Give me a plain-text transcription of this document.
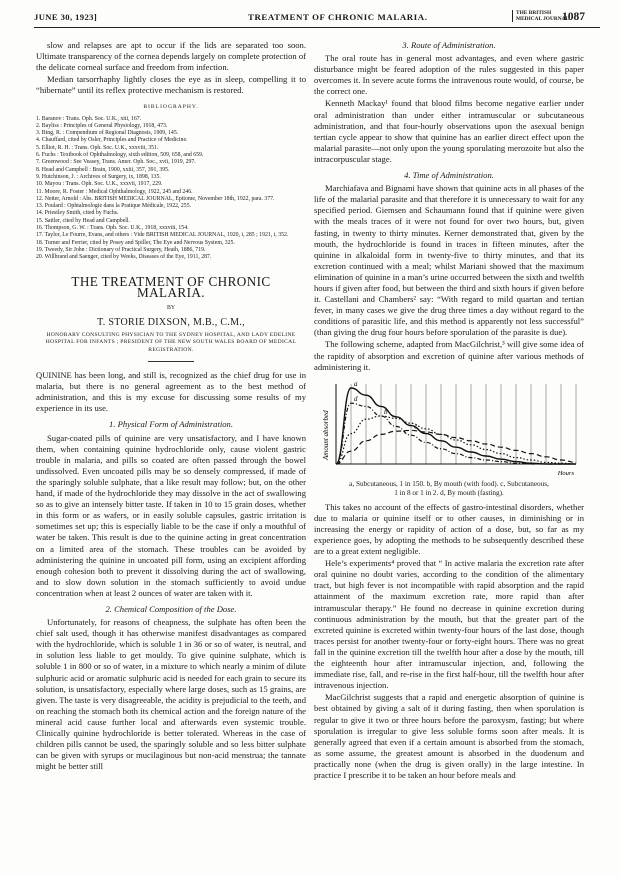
JUNE 30, 1923]	TREATMENT OF CHRONIC MALARIA.	THE BRITISH
MEDICAL JOURNAL
1087

slow and relapses are apt to occur if the lids are separated too soon. Ultimate transparency of the cornea depends largely on complete protection of the delicate corneal surface and freedom from infection.

Median tarsorrhaphy lightly closes the eye as in sleep, compelling it to “hibernate” until its reflex protective mechanism is restored.

BIBLIOGRAPHY.
1. Baranov : Trans. Oph. Soc. U.K., xiii, 167.
2. Bayliss : Principles of General Physiology, 1918, 473.
3. Bing, R. : Compendium of Regional Diagnosis, 1909, 145.
4. Chauffard, cited by Osler, Principles and Practice of Medicine.
5. Elliot, R. H. : Trans. Oph. Soc. U.K., xxxviii, 351.
6. Fuchs : Textbook of Ophthalmology, sixth edition, 509, 658, and 659.
7. Greenwood : See Veasey, Trans. Amer. Oph. Soc., xvii, 1919, 297.
8. Head and Campbell : Brain, 1900, xxiii, 357, 391, 395.
9. Hutchinson, J. : Archives of Surgery, ix, 1898, 135.
10. Mayou : Trans. Oph. Soc. U.K., xxxvii, 1917, 229.
11. Moore, R. Foster : Medical Ophthalmology, 1922, 245 and 246.
12. Netter, Arnold : Abs. BRITISH MEDICAL JOURNAL, Epitome, November 18th, 1922, para. 377.
13. Poulard : Ophtalmologie dans la Pratique Médicale, 1922, 255.
14. Priestley Smith, cited by Fuchs.
15. Sattler, cited by Head and Campbell.
16. Thompson, G. W. : Trans. Oph. Soc. U.K., 1918, xxxviii, 154.
17. Taylor, Le Fourre, Evans, and others : Vide BRITISH MEDICAL JOURNAL, 1920, i, 285 ; 1921, i, 352.
18. Turner and Ferrier, cited by Posey and Spiller, The Eye and Nervous System, 325.
19. Tweedy, Sir John : Dictionary of Practical Surgery, Heath, 1886, 719.
20. Willbrand and Saenger, cited by Weeks, Diseases of the Eye, 1911, 287.
THE TREATMENT OF CHRONIC MALARIA.
BY
T. STORIE DIXSON, M.B., C.M.,
HONORARY CONSULTING PHYSICIAN TO THE SYDNEY HOSPITAL, AND LADY EDELINE HOSPITAL FOR INFANTS ; PRESIDENT OF THE NEW SOUTH WALES BOARD OF MEDICAL REGISTRATION.

QUININE has been long, and still is, recognized as the chief drug for use in malaria, but there is no general agreement as to the best method of administration, and this is my excuse for discussing some results of my experience in its use.

1. Physical Form of Administration.

Sugar-coated pills of quinine are very unsatisfactory, and I have known them, when containing quinine hydrochloride only, cause violent gastric trouble in malaria, and pills so coated are often passed through the bowel undissolved. Even uncoated pills may be so densely compressed, if made of the sparingly soluble sulphate, that a like result may follow; but, on the other hand, if made of the hydrochloride they may dissolve in the act of swallowing so as to give an intensely bitter taste. If taken in 10 to 15 grain doses, whether in this form or as wafers, or in easily soluble capsules, gastric irritation is sometimes set up; this is especially liable to be the case if only a mouthful of water be taken. This result is due to the quinine acting in great concentration on a limited area of the stomach. These troubles can be avoided by administering the quinine in uncoated pill form, using an excipient affording enough cohesion both to prevent it dissolving during the act of swallowing, and to slow down solution in the stomach sufficiently to avoid undue concentration when at least 2 ounces of water are taken with it.

2. Chemical Composition of the Dose.

Unfortunately, for reasons of cheapness, the sulphate has often been the chief salt used, though it has otherwise manifest disadvantages as compared with the hydrochloride, which is soluble 1 in 36 or so of water, is neutral, and in solution less liable to get mouldy. To give quinine sulphate, which is soluble 1 in 800 or so of water, in a mixture to which nearly a minim of dilute sulphuric acid or aromatic sulphuric acid is needed for each grain to secure its solution, is unsatisfactory, especially where large doses, such as 15 grains, are given. The taste is very disagreeable, the acidity is prejudicial to the teeth, and on reaching the stomach both its chemical action and the foreign nature of the mineral acid cause further local and afterwards even systemic trouble. Clinically quinine hydrochloride is better tolerated. Whereas in the case of children pills cannot be used, the sparingly soluble and so less bitter sulphate can be given with syrups or mucilaginous but non-acid menstrua; the tannate might be better still

3. Route of Administration.

The oral route has in general most advantages, and even where gastric disturbance might be feared adoption of the rules suggested in this paper overcomes it. In severe acute forms the intravenous route would, of course, be the correct one.

Kenneth Mackay¹ found that blood films become negative earlier under oral administration than under either intramuscular or subcutaneous administration, and that four-hourly observations upon the asexual benign tertian cycle appear to show that quinine has an earlier direct effect upon the malarial parasite—not only upon the young sporulating merozoite but also the intracorpuscular stage.

4. Time of Administration.

Marchiafava and Bignami have shown that quinine acts in all phases of the life of the malarial parasite and that therefore it is unnecessary to wait for any specified period. Giemsen and Schaumann found that if quinine were given with the meals traces of it were not found for over two hours, but, given fasting, in twenty to thirty minutes. Kerner demonstrated that, given by the mouth, the hydrochloride is found in traces in fifteen minutes, after the quinine in alkaloidal form in twenty-five to thirty minutes, and that its excretion continued with a meal; whilst Mariani showed that the maximum elimination of quinine in a man’s urine occurred between the sixth and twelfth hours if given after food, but between the third and sixth hours if given before it. Castellani and Chambers² say: “With regard to mild quartan and tertian fever, in many cases we give the drug three times a day without regard to the conditions of parasitic life, and this method is apparently not less successful” (than giving the drug four hours before sporulation of the parasite is due).

The following scheme, adapted from MacGilchrist,³ will give some idea of the rapidity of absorption and excretion of quinine after various methods of administering it.

Amount absorbed
Hours
a
b
c
d
a, Subcutaneous, 1 in 150. b, By mouth (with food). c, Subcutaneous,
1 in 8 or 1 in 2. d, By mouth (fasting).

This takes no account of the effects of gastro-intestinal disorders, whether due to malaria or quinine itself or to other causes, in diminishing or in increasing the energy or rapidity of action of a dose, but, so far as my experience goes, by adopting the methods to be subsequently described these are to a great extent negligible.

Hele’s experiments⁴ proved that “ In active malaria the excretion rate after oral quinine no doubt varies, according to the condition of the alimentary tract, but high fever is not incompatible with rapid absorption and the rapid attainment of the maximum excretion rate, more rapid than after intramuscular therapy.” He found no decrease in quinine excretion during continuous administration by the mouth, but that the greater part of the excreted quinine is excreted within twenty-four hours of the last dose, though traces persist for another twenty-four or forty-eight hours. There was no great fall in the quinine excretion till the twelfth hour after a dose by the mouth, till the eighteenth hour after intramuscular injection, and, following the immediate rise, fall, and re-rise in the first half-hour, till the twelfth hour after intravenous injection.

MacGilchrist suggests that a rapid and energetic absorption of quinine is best obtained by giving a salt of it during fasting, then when sporulation is regular to give it two or three hours before the paroxysm, fasting; but where sporulation is irregular to give less soluble forms soon after meals. It is generally agreed that even if a certain amount is absorbed from the stomach, as some assume, the greatest amount is absorbed in the duodenum and practically none (when the drug is given orally) in the large intestine. In practice I prescribe it to be taken an hour before meals and
